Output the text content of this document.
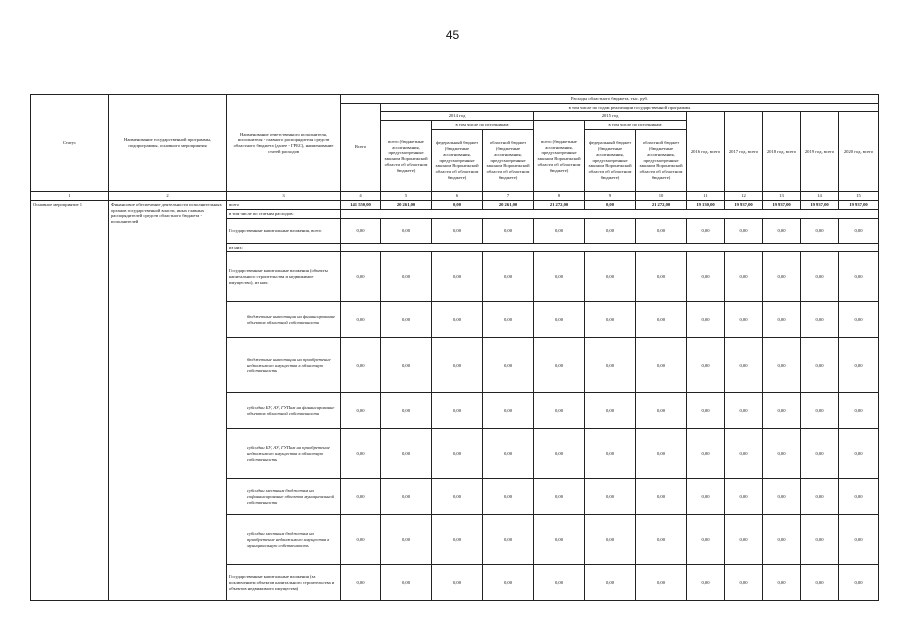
45
Статус	Наименование государственной программы, подпрограммы, основного мероприятия	Наименование ответственного исполнителя, исполнителя - главного распорядителя средств областного бюджета (далее - ГРБС), наименование статей расходов	Расходы областного бюджета, тыс. руб.											
			Всего	в том числе по годам реализации государственной программы										
				2014 год			2015 год			2016 год, всего	2017 год, всего	2018 год, всего	2019 год, всего	2020 год, всего
				всего (бюджетные ассигнования, предусмотренные законом Воронежской области об областном бюджете)	в том числе по источникам:		всего (бюджетные ассигнования, предусмотренные законом Воронежской области об областном бюджете)	в том числе по источникам:						
					федеральный бюджет (бюджетные ассигнования, предусмотренные законом Воронежской области об областном бюджете)	областной бюджет (бюджетные ассигнования, предусмотренные законом Воронежской области об областном бюджете)		федеральный бюджет (бюджетные ассигнования, предусмотренные законом Воронежской области об областном бюджете)	областной бюджет (бюджетные ассигнования, предусмотренные законом Воронежской области об областном бюджете)					
1	2	3	4	5	6	7	8	9	10	11	12	13	14	15
Основное мероприятие 1	Финансовое обеспечение деятельности исполнительных органов государственной власти, иных главных распорядителей средств областного бюджета - исполнителей	всего	141 550,00	20 261,00	0,00	20 261,00	21 272,00	0,00	21 272,00	19 130,00	19 937,00	19 937,00	19 937,00	19 937,00
		в том числе по статьям расходов:												
		Государственные капитальные вложения, всего	0,00	0,00	0,00	0,00	0,00	0,00	0,00	0,00	0,00	0,00	0,00	0,00
		из них:												
		Государственные капитальные вложения (объекты капитального строительства и недвижимое имущество), из них:	0,00	0,00	0,00	0,00	0,00	0,00	0,00	0,00	0,00	0,00	0,00	0,00
		бюджетные инвестиции на финансирование объектов областной собственности	0,00	0,00	0,00	0,00	0,00	0,00	0,00	0,00	0,00	0,00	0,00	0,00
		бюджетные инвестиции на приобретение недвижимого имущества в областную собственность	0,00	0,00	0,00	0,00	0,00	0,00	0,00	0,00	0,00	0,00	0,00	0,00
		субсидии БУ, АУ, ГУПам на финансирование объектов областной собственности	0,00	0,00	0,00	0,00	0,00	0,00	0,00	0,00	0,00	0,00	0,00	0,00
		субсидии БУ, АУ, ГУПам на приобретение недвижимого имущества в областную собственность	0,00	0,00	0,00	0,00	0,00	0,00	0,00	0,00	0,00	0,00	0,00	0,00
		субсидии местным бюджетам на софинансирование объектов муниципальной собственности	0,00	0,00	0,00	0,00	0,00	0,00	0,00	0,00	0,00	0,00	0,00	0,00
		субсидии местным бюджетам на приобретение недвижимого имущества в муниципальную собственность	0,00	0,00	0,00	0,00	0,00	0,00	0,00	0,00	0,00	0,00	0,00	0,00
		Государственные капитальные вложения (за исключением объектов капитального строительства и объектов недвижимого имущества)	0,00	0,00	0,00	0,00	0,00	0,00	0,00	0,00	0,00	0,00	0,00	0,00
